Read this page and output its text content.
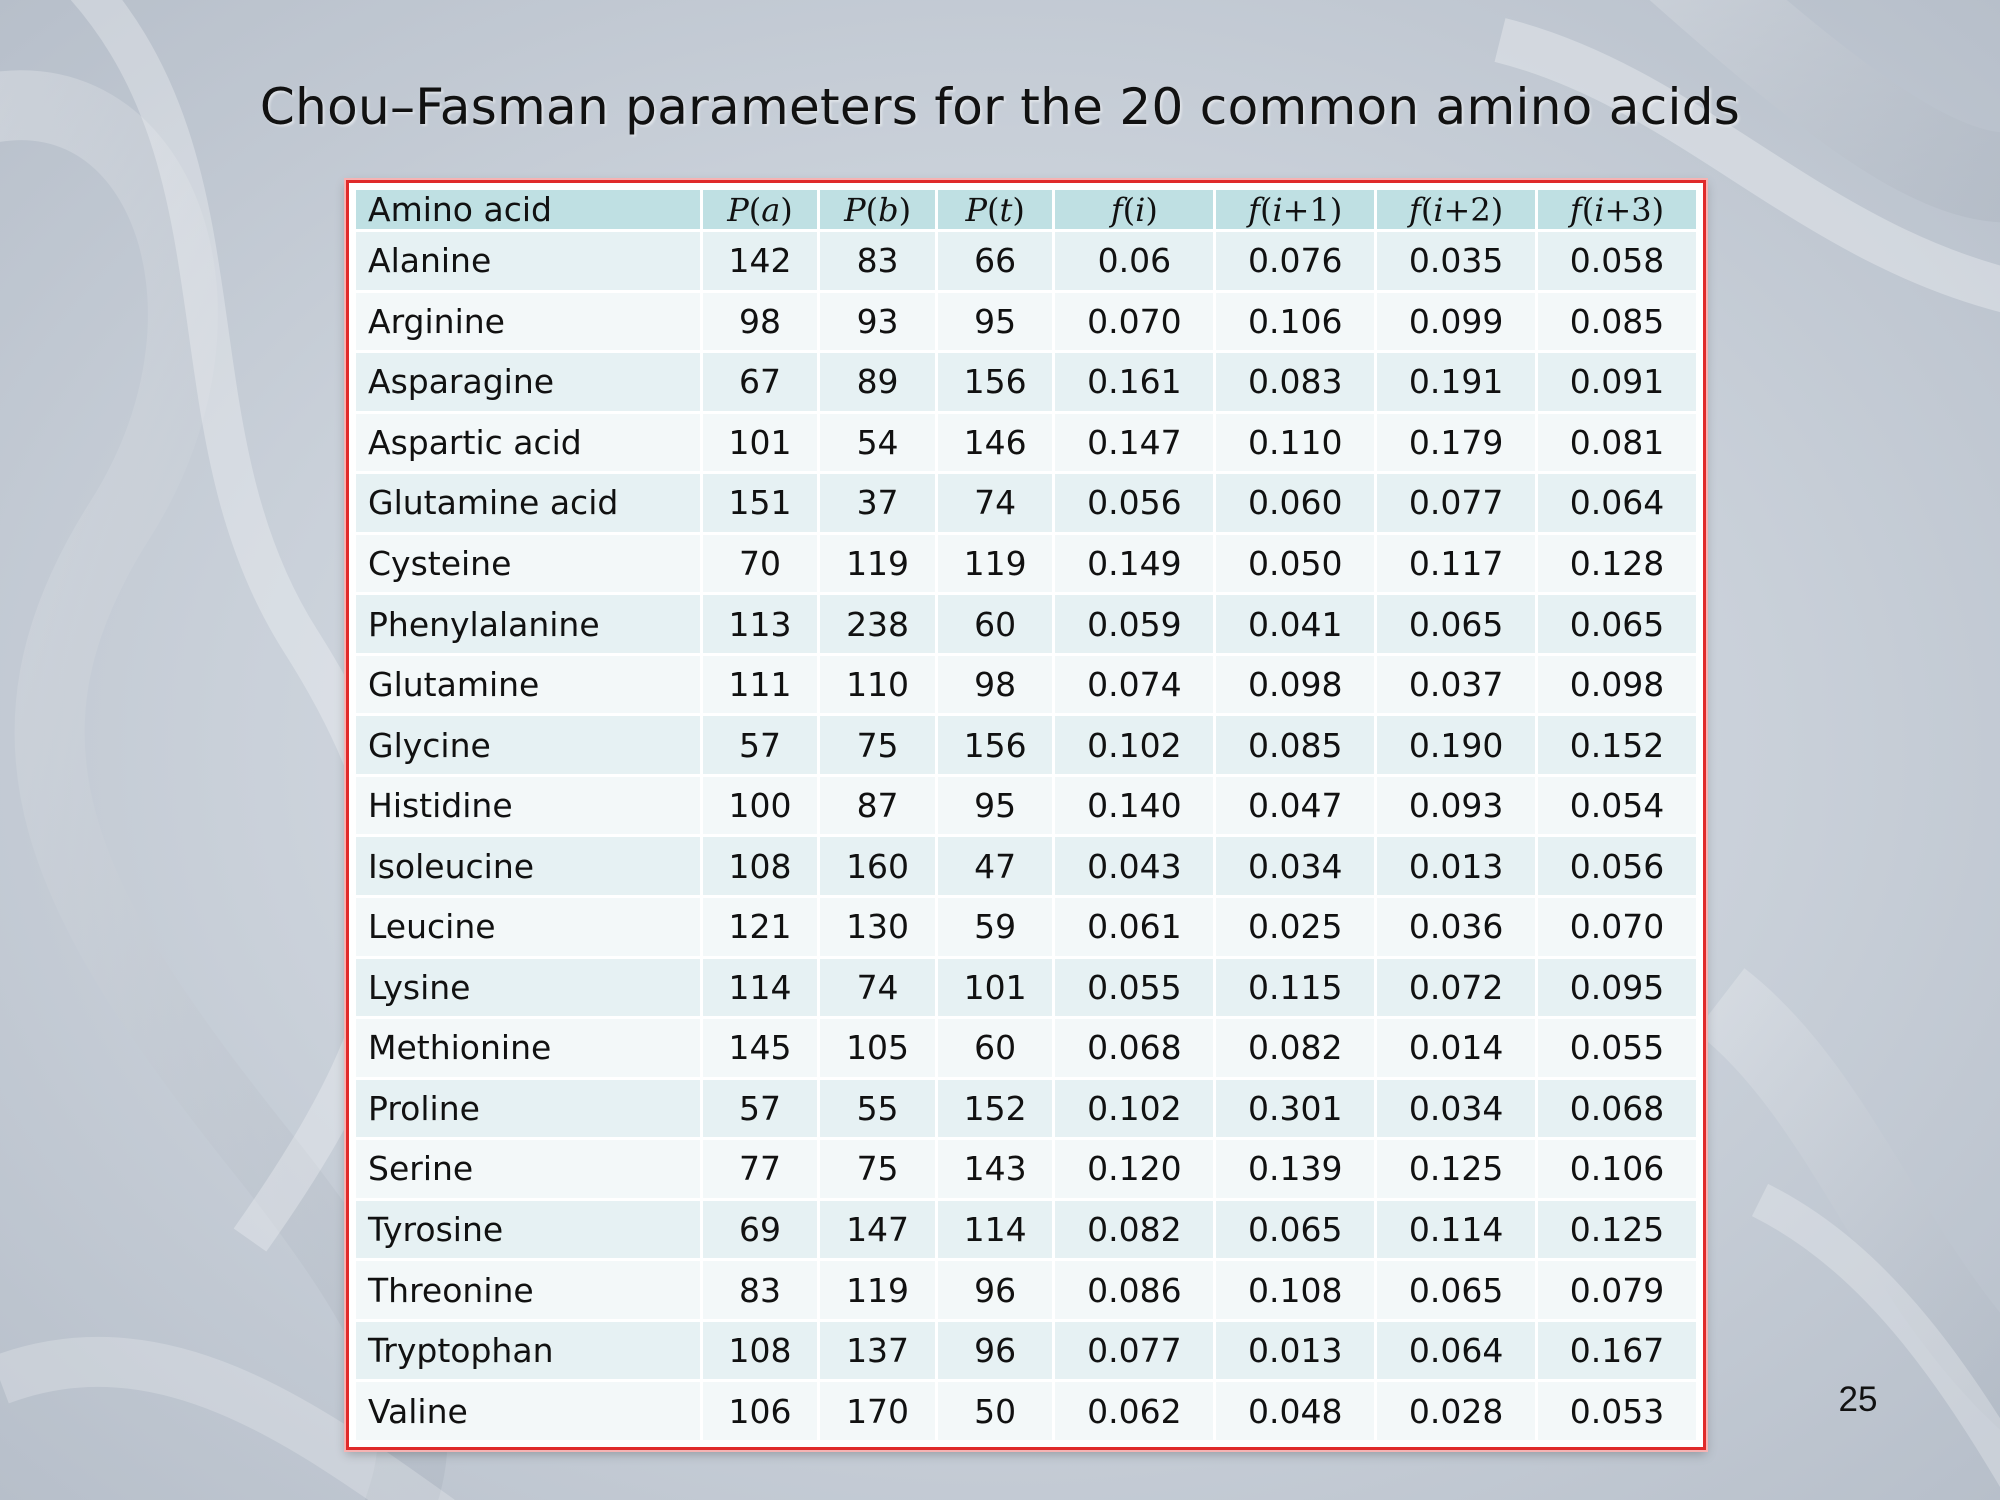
Chou–Fasman parameters for the 20 common amino acids
Amino acid	P(a)	P(b)	P(t)	f(i)	f(i+1)	f(i+2)	f(i+3)
Alanine	142	83	66	0.06	0.076	0.035	0.058
Arginine	98	93	95	0.070	0.106	0.099	0.085
Asparagine	67	89	156	0.161	0.083	0.191	0.091
Aspartic acid	101	54	146	0.147	0.110	0.179	0.081
Glutamine acid	151	37	74	0.056	0.060	0.077	0.064
Cysteine	70	119	119	0.149	0.050	0.117	0.128
Phenylalanine	113	238	60	0.059	0.041	0.065	0.065
Glutamine	111	110	98	0.074	0.098	0.037	0.098
Glycine	57	75	156	0.102	0.085	0.190	0.152
Histidine	100	87	95	0.140	0.047	0.093	0.054
Isoleucine	108	160	47	0.043	0.034	0.013	0.056
Leucine	121	130	59	0.061	0.025	0.036	0.070
Lysine	114	74	101	0.055	0.115	0.072	0.095
Methionine	145	105	60	0.068	0.082	0.014	0.055
Proline	57	55	152	0.102	0.301	0.034	0.068
Serine	77	75	143	0.120	0.139	0.125	0.106
Tyrosine	69	147	114	0.082	0.065	0.114	0.125
Threonine	83	119	96	0.086	0.108	0.065	0.079
Tryptophan	108	137	96	0.077	0.013	0.064	0.167
Valine	106	170	50	0.062	0.048	0.028	0.053	25
